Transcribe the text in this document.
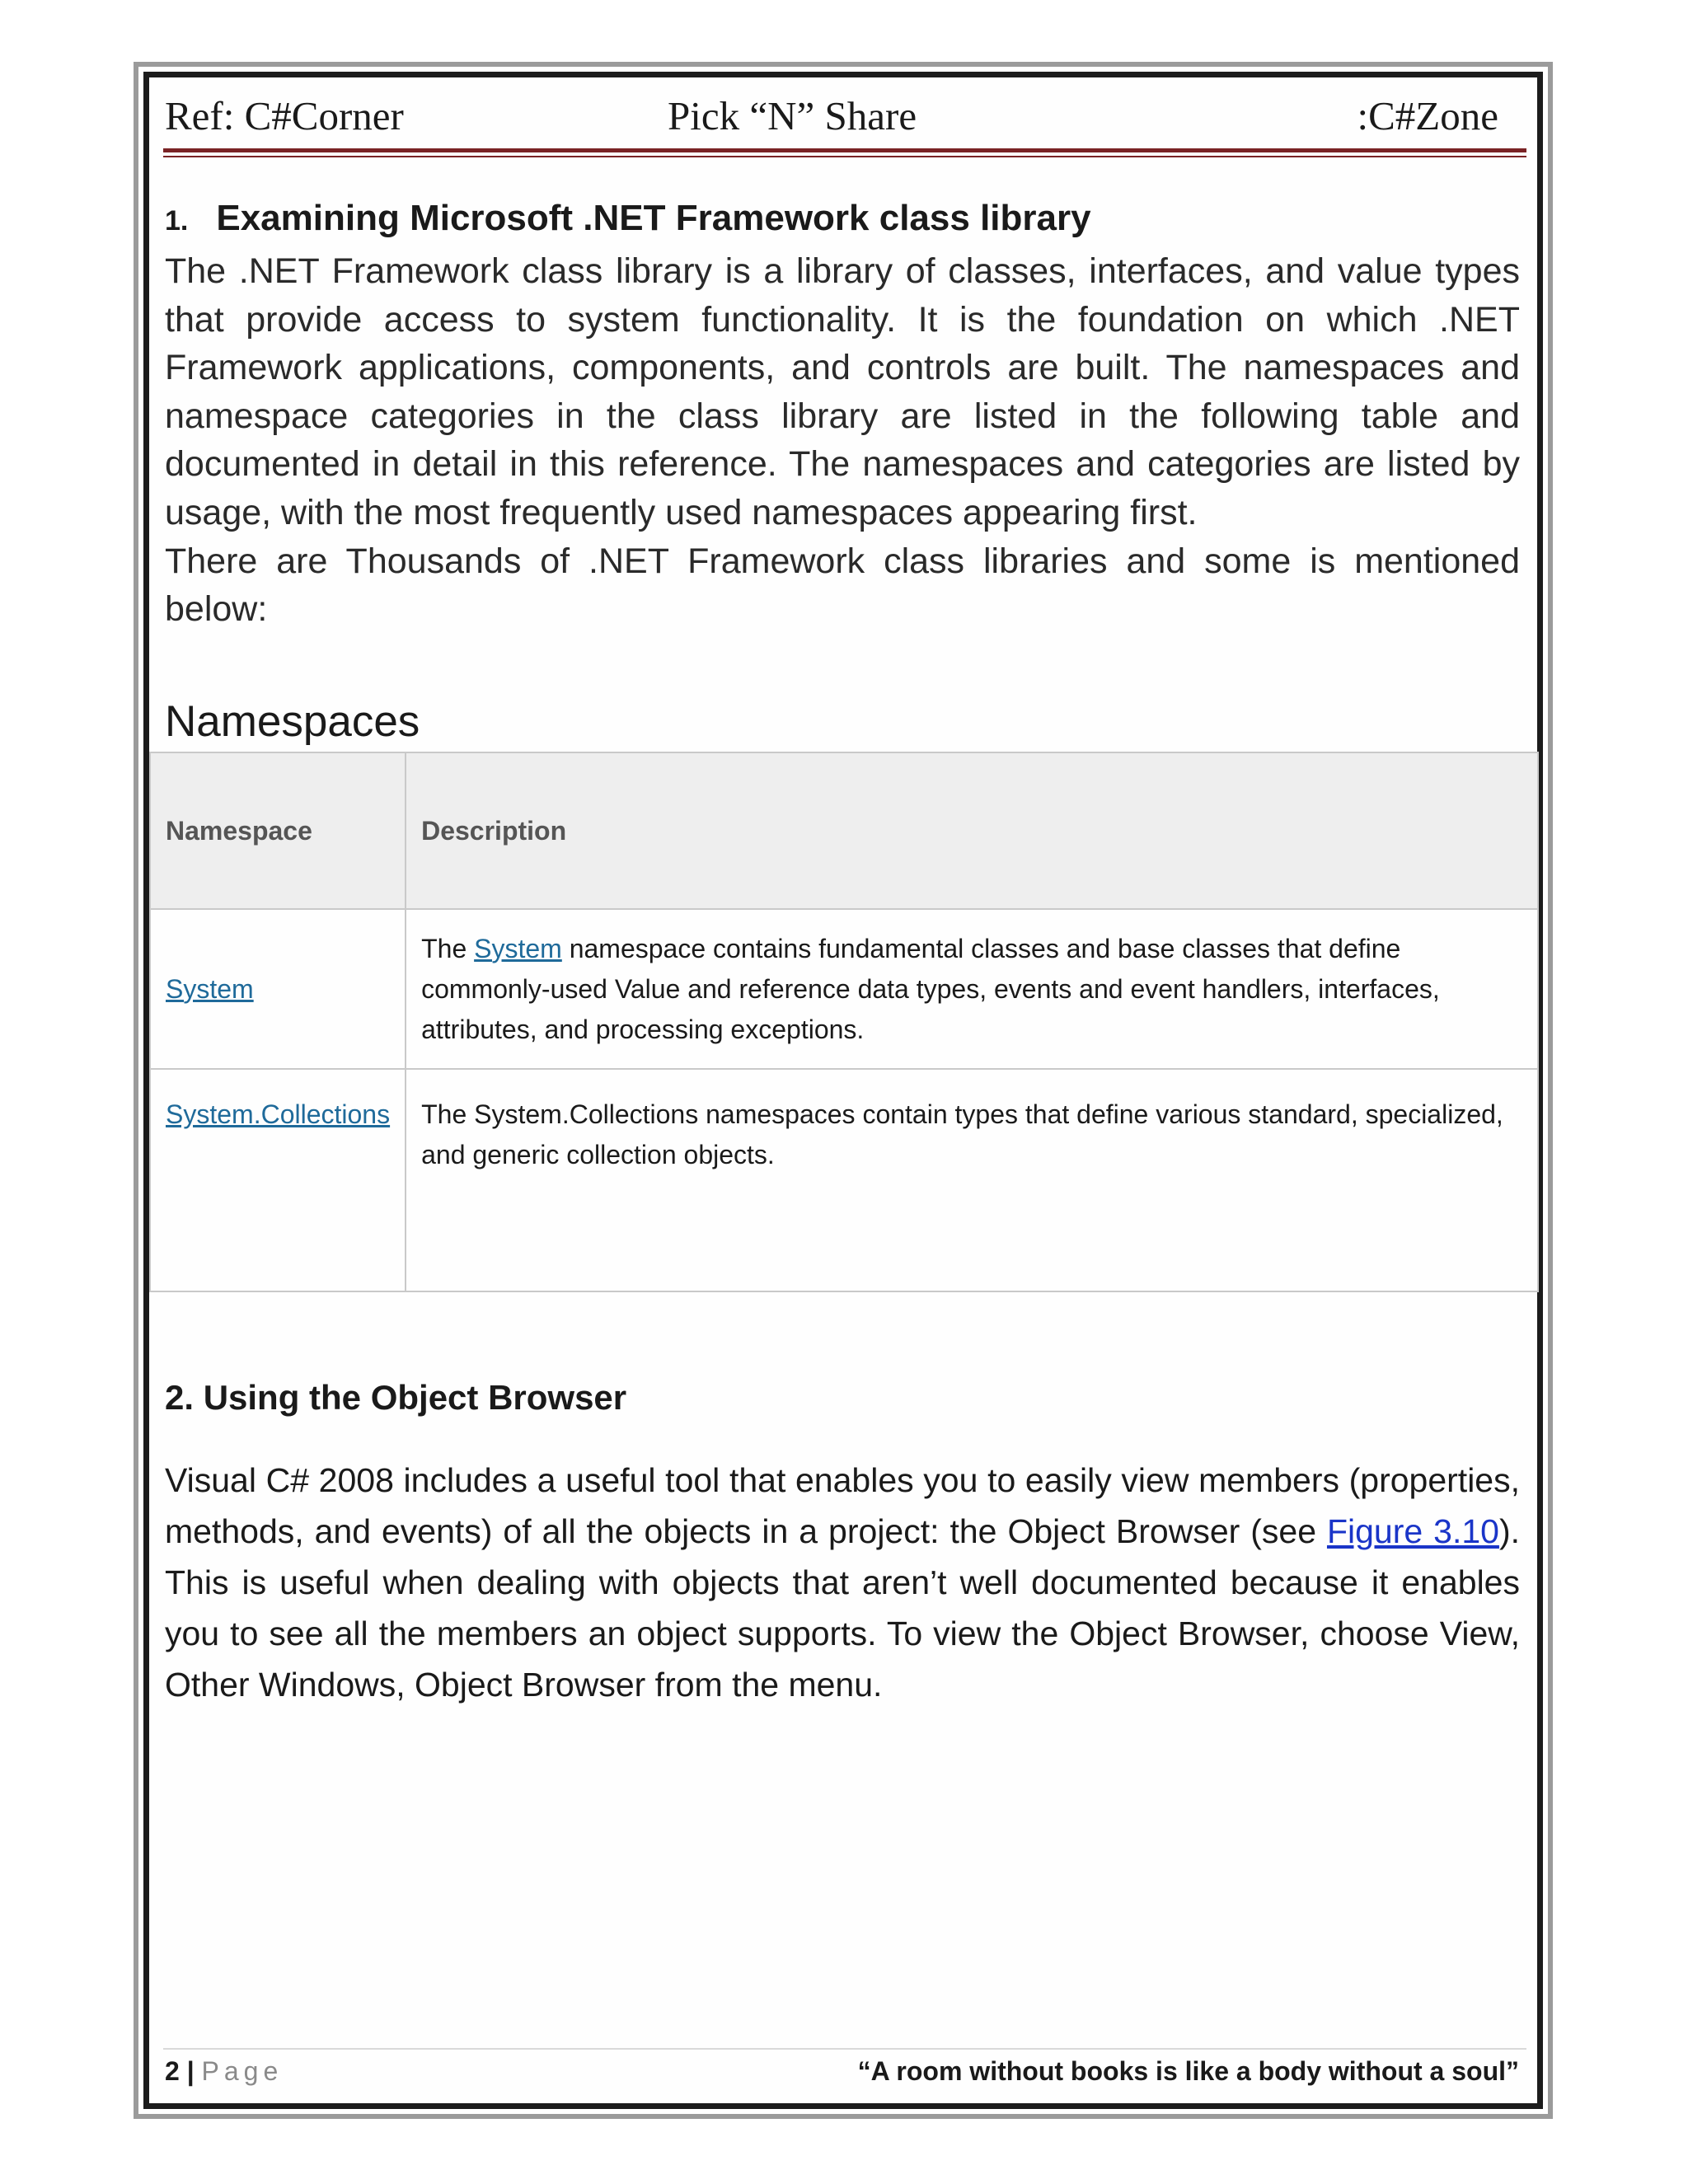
Ref: C#Corner	Pick “N” Share	:C#Zone
1. Examining Microsoft .NET Framework class library

The .NET Framework class library is a library of classes, interfaces, and value types that provide access to system functionality. It is the foundation on which .NET Framework applications, components, and controls are built. The namespaces and namespace categories in the class library are listed in the following table and documented in detail in this reference. The namespaces and categories are listed by usage, with the most frequently used namespaces appearing first.

There are Thousands of .NET Framework class libraries and some is mentioned below:

Namespaces
Namespace	Description
System	The System namespace contains fundamental classes and base classes that define commonly-used Value and reference data types, events and event handlers, interfaces, attributes, and processing exceptions.
System.Collections	The System.Collections namespaces contain types that define various standard, specialized, and generic collection objects.
2. Using the Object Browser
Visual C# 2008 includes a useful tool that enables you to easily view members (properties, methods, and events) of all the objects in a project: the Object Browser (see Figure 3.10). This is useful when dealing with objects that aren’t well documented because it enables you to see all the members an object supports. To view the Object Browser, choose View, Other Windows, Object Browser from the menu.
2 | Page	“A room without books is like a body without a soul”
